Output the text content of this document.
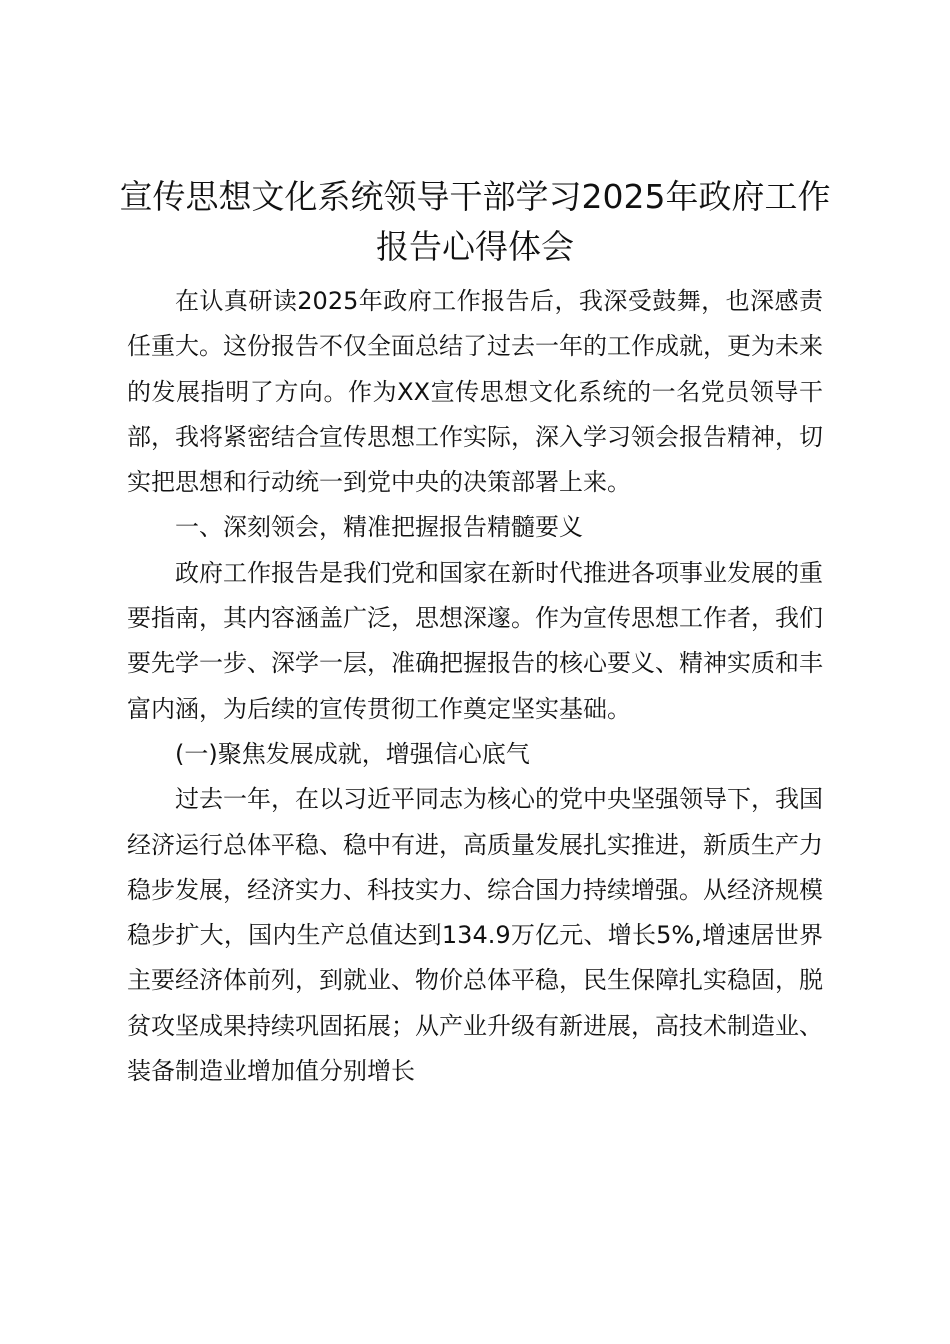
宣传思想文化系统领导干部学习2025年政府工作报告心得体会

在认真研读2025年政府工作报告后，我深受鼓舞，也深感责任重大。这份报告不仅全面总结了过去一年的工作成就，更为未来的发展指明了方向。作为XX宣传思想文化系统的一名党员领导干部，我将紧密结合宣传思想工作实际，深入学习领会报告精神，切实把思想和行动统一到党中央的决策部署上来。

一、深刻领会，精准把握报告精髓要义

政府工作报告是我们党和国家在新时代推进各项事业发展的重要指南，其内容涵盖广泛，思想深邃。作为宣传思想工作者，我们要先学一步、深学一层，准确把握报告的核心要义、精神实质和丰富内涵，为后续的宣传贯彻工作奠定坚实基础。

(一)聚焦发展成就，增强信心底气

过去一年，在以习近平同志为核心的党中央坚强领导下，我国经济运行总体平稳、稳中有进，高质量发展扎实推进，新质生产力稳步发展，经济实力、科技实力、综合国力持续增强。从经济规模稳步扩大，国内生产总值达到134.9万亿元、增长5%,增速居世界主要经济体前列，到就业、物价总体平稳，民生保障扎实稳固，脱贫攻坚成果持续巩固拓展；从产业升级有新进展，高技术制造业、装备制造业增加值分别增长
